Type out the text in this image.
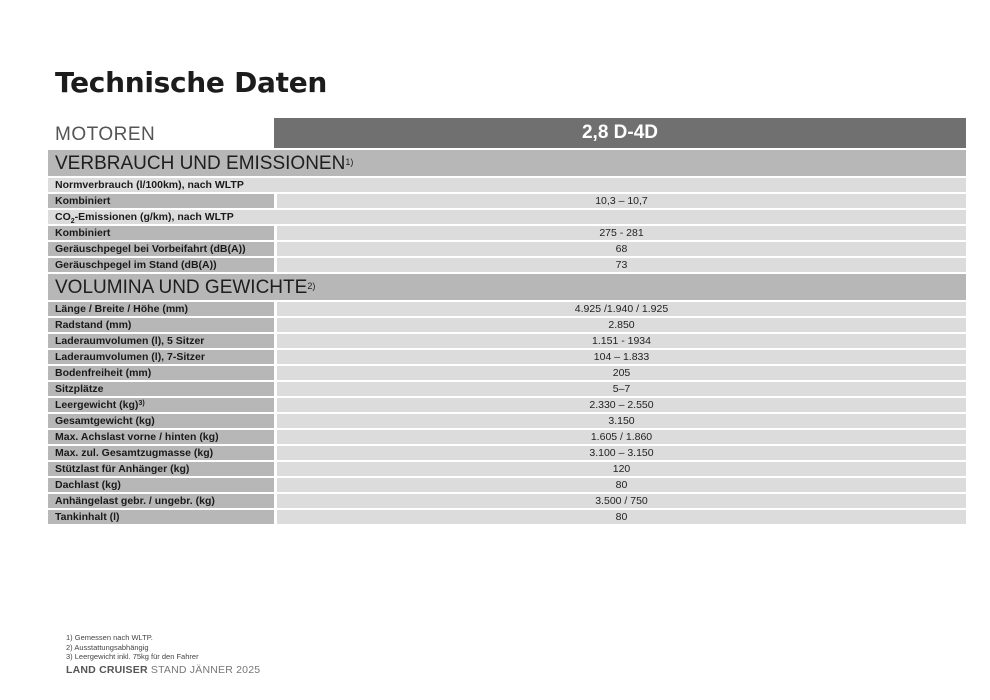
Technische Daten
MOTOREN	2,8 D-4D
VERBRAUCH UND EMISSIONEN$^{1)}$
Normverbrauch (l/100km), nach WLTP
Kombiniert	10,3 – 10,7
$CO_2$-Emissionen (g/km), nach WLTP
Kombiniert	275 - 281
Geräuschpegel bei Vorbeifahrt (dB(A))	68
Geräuschpegel im Stand (dB(A))	73
VOLUMINA UND GEWICHTE$^{2)}$
Länge / Breite / Höhe (mm)	4.925 /1.940 / 1.925
Radstand (mm)	2.850
Laderaumvolumen (l), 5 Sitzer	1.151 - 1934
Laderaumvolumen (l), 7-Sitzer	104 – 1.833
Bodenfreiheit (mm)	205
Sitzplätze	5–7
Leergewicht (kg)$^{3)}$	2.330 – 2.550
Gesamtgewicht (kg)	3.150
Max. Achslast vorne / hinten (kg)	1.605 / 1.860
Max. zul. Gesamtzugmasse (kg)	3.100 – 3.150
Stützlast für Anhänger (kg)	120
Dachlast (kg)	80
Anhängelast gebr. / ungebr. (kg)	3.500 / 750
Tankinhalt (l)	80
1) Gemessen nach WLTP.
2) Ausstattungsabhängig
3) Leergewicht inkl. 75kg für den Fahrer
LAND CRUISER STAND JÄNNER 2025
